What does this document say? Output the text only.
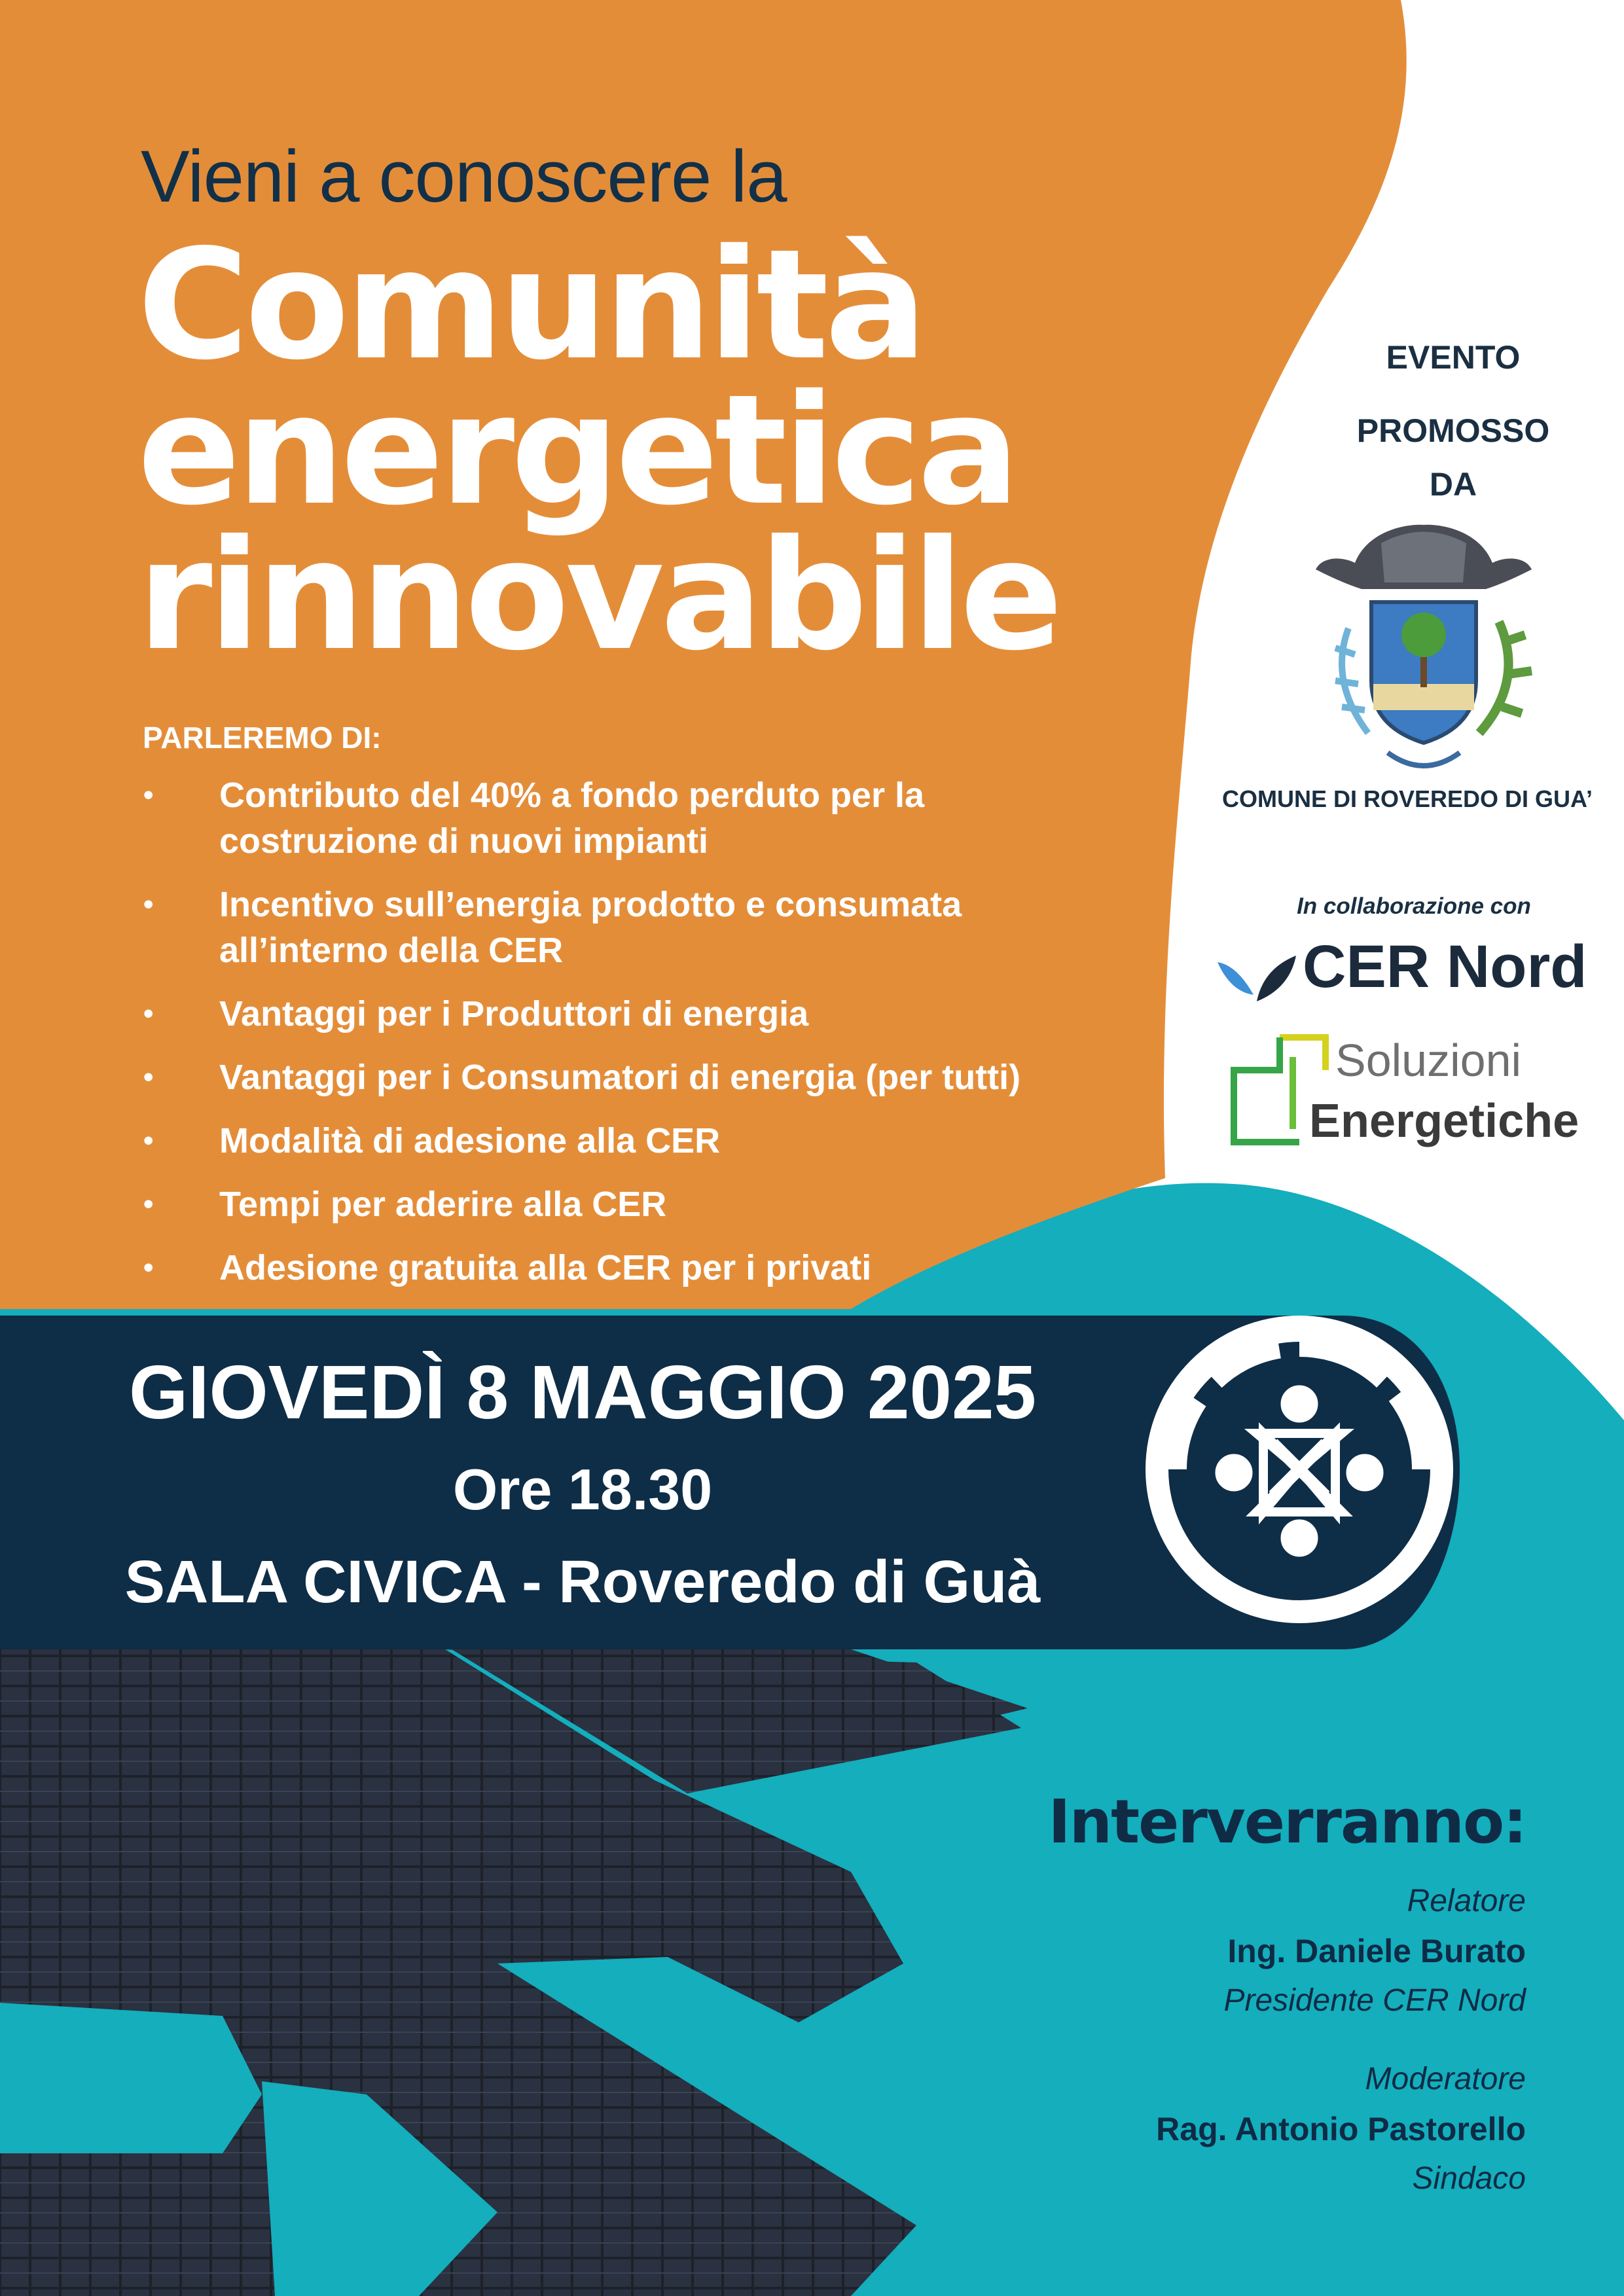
Vieni a conoscere la
Comunità
energetica
rinnovabile
PARLEREMO DI:
• Contributo del 40% a fondo perduto per la costruzione di nuovi impianti
• Incentivo sull’energia prodotto e consumata all’interno della CER
• Vantaggi per i Produttori di energia
• Vantaggi per i Consumatori di energia (per tutti)
• Modalità di adesione alla CER
• Tempi per aderire alla CER
• Adesione gratuita alla CER per i privati
EVENTO
PROMOSSO
DA
COMUNE DI ROVEREDO DI GUA’
In collaborazione con
CER Nord
Soluzioni
Energetiche
GIOVEDÌ 8 MAGGIO 2025
Ore 18.30
SALA CIVICA - Roveredo di Guà
Interverranno:
Relatore
Ing. Daniele Burato
Presidente CER Nord
Moderatore
Rag. Antonio Pastorello
Sindaco
